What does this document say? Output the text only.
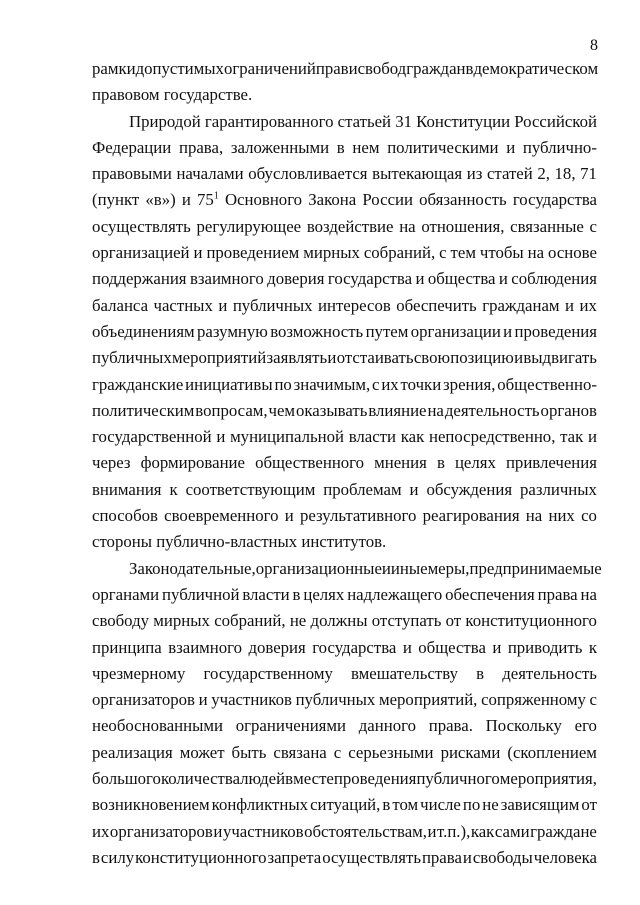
8
рамки допустимых ограничений прав и свобод граждан в демократическом
правовом
государстве.
Природой гарантированного статьей 31 Конституции Российской
Федерации права, заложенными в нем политическими и публично-
правовыми началами обусловливается вытекающая из статей 2, 18, 71
(пункт «в») и $75^1$ Основного Закона России обязанность государства
осуществлять регулирующее воздействие на отношения, связанные с
организацией и проведением мирных собраний, с тем чтобы на основе
поддержания взаимного доверия государства и общества и соблюдения
баланса частных и публичных интересов обеспечить гражданам и их
объединениям разумную возможность путем организации и проведения
публичных мероприятий заявлять и отстаивать свою позицию и выдвигать
гражданские инициативы по значимым, с их точки зрения, общественно-
политическим вопросам, чем оказывать влияние на деятельность органов
государственной и муниципальной власти как непосредственно, так и
через формирование общественного мнения в целях привлечения
внимания к соответствующим проблемам и обсуждения различных
способов своевременного и результативного реагирования на них со
стороны
публично-властных
институтов.
Законодательные, организационные и иные меры, предпринимаемые
органами публичной власти в целях надлежащего обеспечения права на
свободу мирных собраний, не должны отступать от конституционного
принципа взаимного доверия государства и общества и приводить к
чрезмерному государственному вмешательству в деятельность
организаторов и участников публичных мероприятий, сопряженному с
необоснованными ограничениями данного права. Поскольку его
реализация может быть связана с серьезными рисками (скоплением
большого количества людей в месте проведения публичного мероприятия,
возникновением конфликтных ситуаций, в том числе по не зависящим от
их организаторов и участников обстоятельствам, и т.п.), как сами граждане
в силу конституционного запрета осуществлять права и свободы человека
